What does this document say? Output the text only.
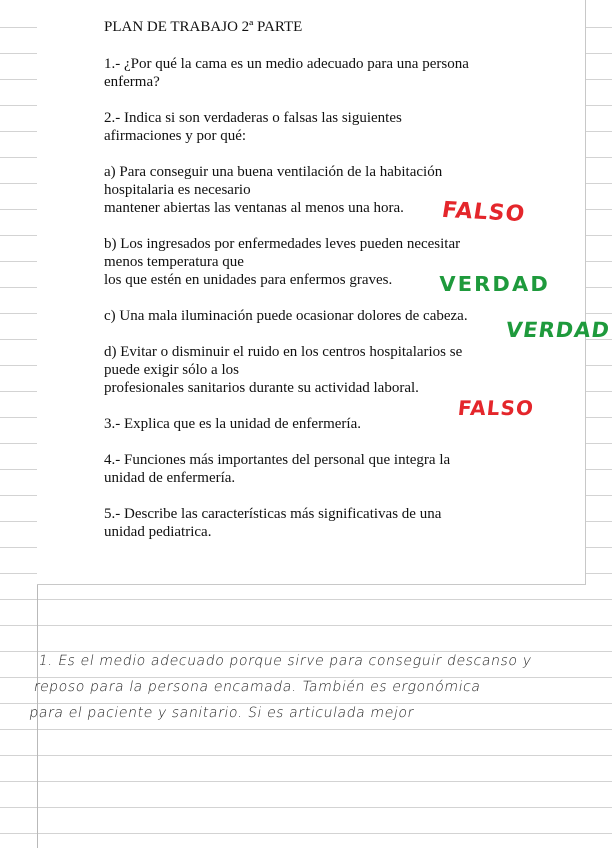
PLAN DE TRABAJO 2ª PARTE
1.- ¿Por qué la cama es un medio adecuado para una persona
enferma?
2.- Indica si son verdaderas o falsas las siguientes
afirmaciones y por qué:
a) Para conseguir una buena ventilación de la habitación
hospitalaria es necesario
mantener abiertas las ventanas al menos una hora.
b) Los ingresados por enfermedades leves pueden necesitar
menos temperatura que
los que estén en unidades para enfermos graves.
c) Una mala iluminación puede ocasionar dolores de cabeza.
d) Evitar o disminuir el ruido en los centros hospitalarios se
puede exigir sólo a los
profesionales sanitarios durante su actividad laboral.
3.- Explica que es la unidad de enfermería.
4.- Funciones más importantes del personal que integra la
unidad de enfermería.
5.- Describe las características más significativas de una
unidad pediatrica.
FALSO
VERDAD
VERDAD
FALSO
1. Es el medio adecuado porque sirve para conseguir descanso y
reposo para la persona encamada. También es ergonómica
para el paciente y sanitario. Si es articulada mejor
